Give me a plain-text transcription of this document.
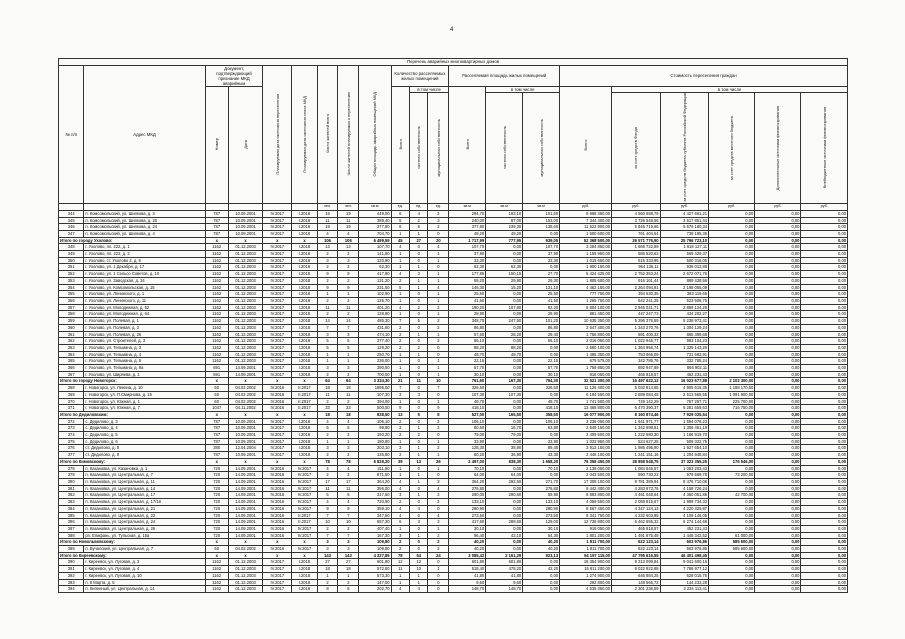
4
Перечень аварийных многоквартирных домов																				
№ п/п	Адрес МКД	Документ, подтверждающий признание МКД аварийным		Планируемая дата окончания переселения	Планируемая дата окончания сноса МКД	Число жителей всего	Число жителей планируемых к переселению	Общая площадь аварийных помещений МКД	Количество расселяемых жилых помещений			Расселяемая площадь жилых помещений			Стоимость переселения граждан					
		Номер	Дата						Всего	в том числе		Всего	в том числе		Всего:	в том числе				
										частная собственность	муниципальная собственность		частная собственность	муниципальная собственность		за счет средств Фонда	за счет средств бюджета субъекта Российской Федерации	за счет средств местного бюджета	Дополнительные источники финансирования	Внебюджетные источники финансирования
						чел.	чел.	кв.м	ед.	ед.	ед.	кв.м	кв.м	кв.м	руб.	руб.	руб.	руб.	руб.	руб.
344	п. Комсомольский, ул. Шилкова, д. 3	787	10.09.2001	IV.2017	I.2018	19	19	449,00	6	4	2	294,70	193,10	101,60	8 988 350,00	4 560 688,79	4 427 661,21	0,00	0,00	0,00
345	п. Комсомольский, ул. Шилкова, д. 20	787	10.09.2001	IV.2017	I.2018	11	11	389,40	5	2	3	240,00	87,00	153,00	7 344 400,00	3 726 548,56	3 617 851,44	0,00	0,00	0,00
346	п. Комсомольский, ул. Шилкова, д. 24	787	10.09.2001	IV.2017	I.2018	19	19	377,80	8	6	2	377,80	239,30	138,60	11 522 900,00	5 846 719,66	5 676 180,34	0,00	0,00	0,00
347	п. Комсомольский, ул. Шилкова, д. 4	787	10.09.2001	IV.2017	I.2018	4	4	704,70	1	1	0	49,20	49,20	0,00	1 500 600,00	761 404,64	739 195,36	0,00	0,00	0,00
Итого по городу Ухолово:		x	x	x	x	106	106	6 499,59	45	27	20	1 717,99	777,95	939,05	52 368 500,00	26 571 776,90	25 796 723,10	0,00	0,00	0,00
348	г. Ухолово, пл. 222, д. 1	1162	01.12.2003	IV.2017	I.2018	13	13	107,70	4	0	4	107,70	0,00	107,70	3 284 850,00	1 666 722,89	1 618 127,11	0,00	0,00	0,00
349	г. Ухолово, пл. 222, д. 2	1162	01.12.2003	IV.2017	I.2018	2	2	141,80	1	0	1	37,90	0,00	37,90	1 155 950,00	586 520,63	569 429,37	0,00	0,00	0,00
350	г. Ухолово, ст. Ухолово 2, д. 9	1162	01.12.2003	IV.2017	I.2018	3	3	133,90	1	0	1	33,30	0,00	33,30	1 015 650,00	515 333,95	500 316,05	0,00	0,00	0,00
351	г. Ухолово, ул. 1 Декабря, д. 17	1162	01.12.2003	IV.2017	I.2018	2	2	62,30	1	1	0	62,30	62,30	0,00	1 900 150,00	964 136,11	936 013,89	0,00	0,00	0,00
352	г. Ухолово, ул. 1 Сельсо Советов, д. 10	1162	01.12.2003	IV.2017	I.2018	9	9	417,80	4	3	1	177,85	150,15	27,70	5 424 425,00	2 752 353,24	2 672 071,76	0,00	0,00	0,00
353	г. Ухолово, ул. Заводская, д. 34	1162	01.12.2003	IV.2017	I.2018	2	2	131,20	2	1	1	59,20	29,90	29,30	1 805 600,00	916 161,44	889 438,56	0,00	0,00	0,00
354	г. Ухолово, ул. Комсомольская, д. 15	1162	01.12.2003	IV.2017	I.2018	9	9	231,50	5	1	4	146,30	15,20	131,10	4 462 150,00	2 264 094,91	2 198 055,09	0,00	0,00	0,00
355	г. Ухолово, ул. Ленинского, д. 1	1162	01.12.2003	IV.2017	I.2018	1	1	102,90	1	0	1	25,50	0,00	25,50	777 750,00	394 630,35	383 119,65	0,00	0,00	0,00
356	г. Ухолово, ул. Ленинского, д. 11	1162	01.12.2003	IV.2017	I.2018	2	2	125,70	1	0	1	41,50	0,00	41,50	1 265 750,00	642 241,25	623 508,75	0,00	0,00	0,00
357	г. Ухолово, ул. Молодежная, д. 52	1162	01.12.2003	IV.2017	I.2018	11	11	401,20	4	2	2	190,20	107,80	82,20	5 804 100,00	2 945 021,71	2 859 124,29	0,00	0,00	0,00
358	г. Ухолово, ул. Молодежная, д. 64	1162	01.12.2003	IV.2017	I.2018	2	2	128,80	1	0	1	28,90	0,00	28,90	881 450,00	447 247,73	434 202,27	0,00	0,00	0,00
359	г. Ухолово, ул. Полевая, д. 1	1162	01.12.2003	IV.2017	I.2018	14	14	485,30	7	5	2	348,70	247,50	101,20	10 635 350,00	5 396 376,59	5 238 973,41	0,00	0,00	0,00
360	г. Ухолово, ул. Полевая, д. 3	1162	01.12.2003	IV.2017	I.2018	7	7	431,60	2	0	2	86,80	0,00	86,80	2 647 400,00	1 343 270,76	1 304 129,24	0,00	0,00	0,00
361	г. Ухолово, ул. Полевая, д. 26	1162	01.12.2003	IV.2017	I.2018	3	3	474,10	2	1	1	57,60	28,20	29,40	1 756 800,00	891 400,32	865 399,68	0,00	0,00	0,00
362	г. Ухолово, ул. Строителей, д. 3	1162	01.12.2003	IV.2017	I.2018	5	5	377,40	2	0	2	66,10	0,00	66,10	2 016 050,00	1 022 945,77	993 104,23	0,00	0,00	0,00
363	г. Ухолово, ул. Тельмана, д. 3	1162	01.12.2003	IV.2017	I.2018	5	5	129,20	2	2	0	88,20	88,20	0,00	2 690 100,00	1 364 956,74	1 325 143,26	0,00	0,00	0,00
364	г. Ухолово, ул. Тельмана, д. 4	1162	01.12.2003	IV.2017	I.2018	1	1	250,70	1	1	0	48,70	48,70	0,00	1 485 350,00	753 666,09	731 683,91	0,00	0,00	0,00
365	г. Ухолово, ул. Тельмана, д. 8	1162	01.12.2003	IV.2017	I.2018	1	1	236,00	1	0	1	22,15	0,00	22,15	675 575,00	342 786,76	332 788,24	0,00	0,00	0,00
366	г. Ухолово, ул. Тельмана, д. 9а	691	14.09.2001	IV.2017	I.2018	3	3	390,60	1	0	1	57,70	0,00	57,70	1 759 850,00	892 947,89	866 902,11	0,00	0,00	0,00
367	г. Ухолово, ул. Ширяева, д. 1	691	14.09.2001	IV.2017	I.2018	2	2	700,00	1	0	1	30,10	0,00	30,10	918 050,00	465 818,57	452 231,43	0,00	0,00	0,00
Итого по городу Новогорск:		x	x	x	x	64	64	3 334,30	21	11	10	761,60	167,30	794,30	32 521 300,00	16 497 622,12	16 023 677,88	2 102 300,00	0,00	0,00
368	г. Новогорск, ул. Ленина, д. 10	60	04.02.2002	IV.2016	II.2017	18	18	1995,00	7	0	7	326,50	0,00	326,50	11 126 400,00	5 032 814,65	4 905 615,35	1 188 170,00	0,00	0,00
369	г. Новогорск, ул. П.Смирнова, д. 15	60	04.02.2002	IV.2016	II.2017	11	11	107,30	3	3	0	107,30	107,30	0,00	6 194 550,00	2 589 084,45	2 513 565,55	1 091 900,00	0,00	0,00
370	г. Новогорск, ул. Южная, д. 1	60	04.02.2002	IV.2016	II.2017	2	2	394,00	1	0	1	49,70	0,00	49,70	1 741 500,00	749 142,29	767 257,71	225 700,00	0,00	0,00
371	г. Новогорск, ул. Южная, д. 7	1047	04.11.2002	IV.2016	II.2017	33	33	500,00	9	0	9	418,10	0,00	418,10	13 468 800,00	6 470 390,37	6 281 659,63	716 750,00	0,00	0,00
Итого по Дедиловским:		x	x	x	x	18	18	838,50	13	5	8	527,00	165,50	358,50	16 077 900,00	8 160 874,46	7 929 025,54	0,00	0,00	0,00
372	с. Дедилово, д. 3	787	10.09.2001	IV.2017	I.2018	4	4	106,10	2	0	2	106,10	0,00	106,10	3 236 050,00	1 641 971,77	1 594 078,23	0,00	0,00	0,00
373	с. Дедилово, д. 4	787	10.09.2001	IV.2017	I.2018	6	6	99,80	3	1	2	80,50	16,70	63,80	2 649 150,00	1 342 698,81	1 306 451,19	0,00	0,00	0,00
374	с. Дедилово, д. 5	787	10.09.2001	IV.2017	I.2018	2	2	193,20	2	2	0	79,00	79,00	0,00	2 409 500,00	1 222 580,30	1 186 919,70	0,00	0,00	0,00
375	с. Дедилово, д. 6	787	10.09.2001	IV.2017	I.2018	1	1	180,80	1	0	1	33,90	0,00	33,90	1 033 950,00	524 627,25	509 322,75	0,00	0,00	0,00
376	ст. Дедилово, д. 8	380	12.04.2004	IV.2017	I.2018	3	3	203,10	3	1	2	128,30	38,90	89,40	3 913 150,00	1 985 495,90	1 927 654,10	0,00	0,00	0,00
377	ст. Дедилово, д. 9	787	10.09.2001	IV.2017	I.2018	2	2	135,80	2	1	1	80,20	36,90	43,30	2 446 100,00	1 241 151,16	1 204 948,84	0,00	0,00	0,00
Итого по Кимовскому:		x	x	x	x	78	78	6 828,20	39	13	26	2 497,00	838,30	1 658,20	76 358 450,00	38 858 548,75	37 323 355,25	176 546,00	0,00	0,00
378	п. Казановка, ул. Казановка, д. 1	720	14.09.2001	IV.2016	IV.2017	4	4	311,50	1	0	1	70,10	0,00	70,10	2 138 050,00	1 084 846,57	1 053 203,43	0,00	0,00	0,00
379	п. Казановка, ул. Центральная, д. 7	720	14.09.2001	IV.2016	IV.2017	2	2	871,50	1	1	0	64,00	64,00	0,00	2 043 500,00	990 730,22	979 569,78	73 200,00	0,00	0,00
380	п. Казановка, ул. Центральная, д. 11	720	14.09.2001	IV.2016	IV.2017	17	17	364,20	4	1	3	364,20	292,50	271,70	17 308 100,00	8 781 389,94	8 476 710,06	0,00	0,00	0,00
381	п. Казановка, ул. Центральная, д. 14	720	14.09.2001	IV.2016	IV.2017	11	11	356,00	4	0	4	276,80	0,00	276,80	8 442 400,00	4 283 673,76	4 158 726,24	0,00	0,00	0,00
382	п. Казановка, ул. Центральная, д. 17	720	14.09.2001	IV.2016	IV.2017	5	5	317,60	3	1	2	290,00	290,60	59,90	8 893 800,00	4 491 048,64	4 360 051,86	42 700,00	0,00	0,00
383	п. Казановка, ул. Центральная, д. 17/18	720	14.09.2001	IV.2016	IV.2017	4	4	720,90	2	0	2	133,10	0,00	133,10	4 059 550,00	2 059 815,67	1 999 734,33	0,00	0,00	0,00
384	п. Казановка, ул. Центральная, д. 21	720	14.09.2001	IV.2016	IV.2017	9	9	359,10	4	4	0	280,90	0,00	280,90	8 567 450,00	4 347 124,13	4 220 325,87	0,00	0,00	0,00
385	п. Казановка, ул. Центральная, д. 22	720	14.09.2001	IV.2016	II.2017	7	7	347,50	4	0	4	273,50	0,00	273,50	8 341 750,00	4 232 603,95	4 109 146,05	0,00	0,00	0,00
386	п. Казановка, ул. Центральная, д. 24	720	14.09.2001	IV.2016	II.2017	10	10	557,30	6	3	3	417,60	288,60	129,00	12 736 800,00	6 462 655,32	6 274 144,68	0,00	0,00	0,00
387	п. Казановка, ул. Центральная, д. 26	720	14.09.2001	IV.2016	IV.2017	2	2	407,40	1	0	1	30,10	0,00	30,10	918 050,00	465 818,57	452 231,43	0,00	0,00	0,00
388	рп. Епифань, ул. Тульская, д. 15а	720	14.09.2001	IV.2016	IV.2017	7	7	167,30	3	1	2	96,40	42,10	54,30	1 801 200,00	1 491 875,48	1 448 342,52	61 000,00	0,00	0,00
Итого по Новольвовскому:		x	x	x	x	3	3	109,80	2	0	2	40,20	0,00	40,20	1 811 700,00	622 123,14	603 976,86	585 600,00	0,00	0,00
389	п. Бучалский, ул. Центральная, д. 7	60	04.02.2002	IV.2016	IV.2017	3	3	109,80	2	0	2	40,20	0,00	40,20	1 811 700,00	622 123,14	603 976,86	585 600,00	0,00	0,00
Итого по Киреевскому:		x	x	x	x	143	143	4 327,85	78	54	24	3 085,42	2 161,29	923,13	94 197 115,00	47 795 616,55	46 401 498,45	0,00	0,00	0,00
390	г. Киреевск, ул. Луговая, д. 3	1162	01.12.2003	IV.2017	I.2018	27	27	601,80	12	12	0	601,80	601,80	0,00	18 354 900,00	9 313 099,84	9 041 600,16	0,00	0,00	0,00
391	г. Киреевск, ул. Луговая, д. 4	1162	01.12.2003	IV.2017	I.2018	18	18	572,50	11	10	1	518,40	478,20	42,20	15 811 200,00	8 022 922,88	7 788 977,12	0,00	0,00	0,00
392	г. Киреевск, ул. Луговая, д. 10	1162	01.12.2003	IV.2017	I.2018	1	1	573,30	1	1	0	41,80	41,80	0,00	1 274 900,00	646 884,25	628 015,75	0,00	0,00	0,00
393	п. 8 Марта, д. 5	1162	01.12.2003	IV.2017	I.2018	2	2	147,00	1	1	0	9,60	9,60	0,00	292 800,00	148 566,72	144 233,28	0,00	0,00	0,00
394	п. Кипенный, ул. Центральная, д. 14	1162	01.12.2003	IV.2017	I.2018	8	8	202,70	4	4	0	148,70	148,70	0,00	4 535 350,00	2 301 236,59	2 234 113,41	0,00	0,00	0,00
